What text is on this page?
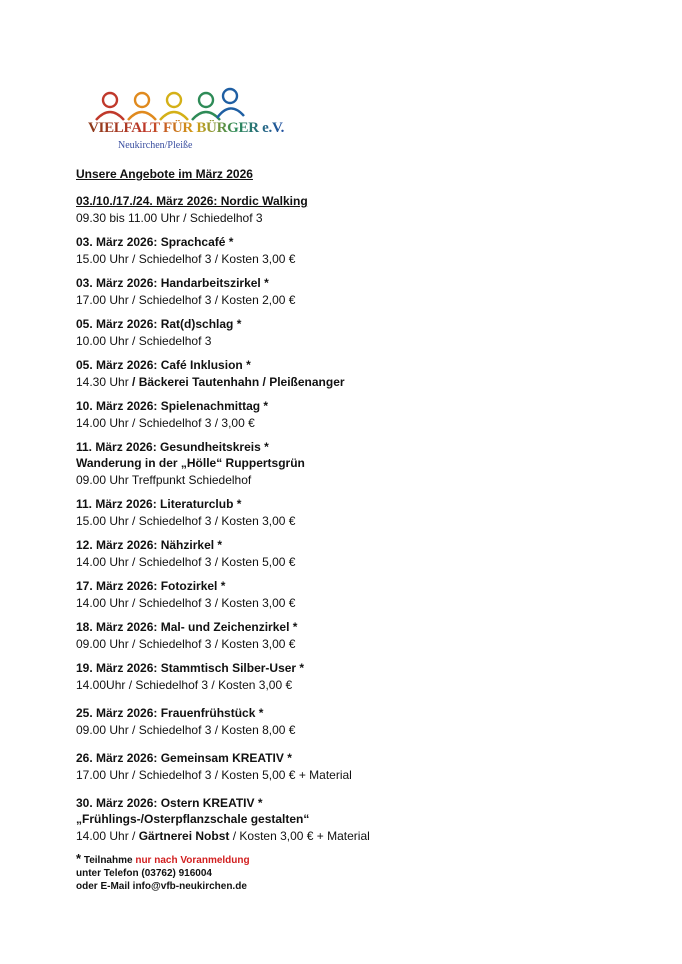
VIELFALT FÜR BÜRGER e.V.
Neukirchen/Pleiße
Unsere Angebote im März 2026
03./10./17./24. März 2026: Nordic Walking
09.30 bis 11.00 Uhr / Schiedelhof 3
03. März 2026: Sprachcafé *
15.00 Uhr / Schiedelhof 3 / Kosten 3,00 €
03. März 2026: Handarbeitszirkel *
17.00 Uhr / Schiedelhof 3 / Kosten 2,00 €
05. März 2026: Rat(d)schlag *
10.00 Uhr / Schiedelhof 3
05. März 2026: Café Inklusion *
14.30 Uhr / Bäckerei Tautenhahn / Pleißenanger
10. März 2026: Spielenachmittag *
14.00 Uhr / Schiedelhof 3 / 3,00 €
11. März 2026: Gesundheitskreis *
Wanderung in der „Hölle“ Ruppertsgrün
09.00 Uhr Treffpunkt Schiedelhof
11. März 2026: Literaturclub *
15.00 Uhr / Schiedelhof 3 / Kosten 3,00 €
12. März 2026: Nähzirkel *
14.00 Uhr / Schiedelhof 3 / Kosten 5,00 €
17. März 2026: Fotozirkel *
14.00 Uhr / Schiedelhof 3 / Kosten 3,00 €
18. März 2026: Mal- und Zeichenzirkel *
09.00 Uhr / Schiedelhof 3 / Kosten 3,00 €
19. März 2026: Stammtisch Silber-User *
14.00Uhr / Schiedelhof 3 / Kosten 3,00 €
25. März 2026: Frauenfrühstück *
09.00 Uhr / Schiedelhof 3 / Kosten 8,00 €
26. März 2026: Gemeinsam KREATIV *
17.00 Uhr / Schiedelhof 3 / Kosten 5,00 € + Material
30. März 2026: Ostern KREATIV *
„Frühlings-/Osterpflanzschale gestalten“
14.00 Uhr / Gärtnerei Nobst / Kosten 3,00 € + Material
* Teilnahme nur nach Voranmeldung
unter Telefon (03762) 916004
oder E-Mail info@vfb-neukirchen.de
